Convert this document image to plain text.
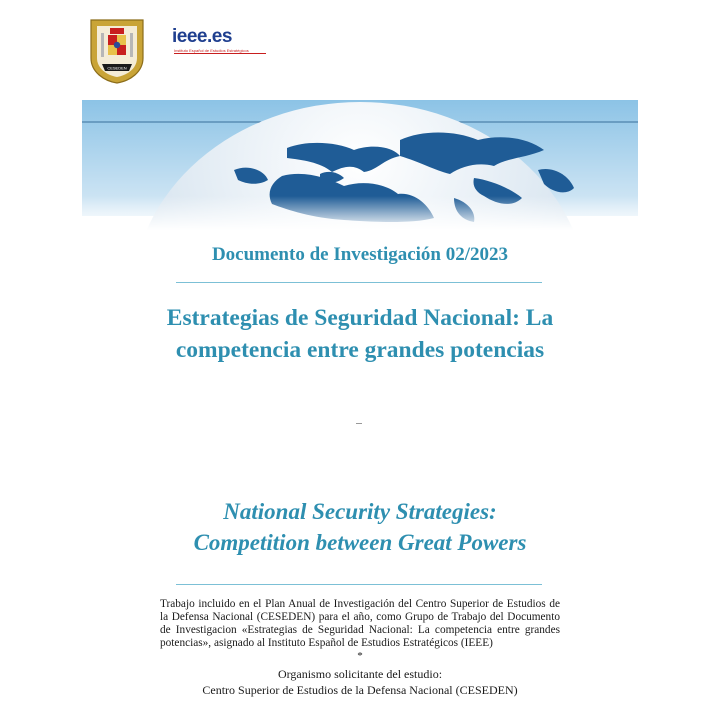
CESEDEN
ieee.es
Instituto Español de Estudios Estratégicos
Documento de Investigación 02/2023
Estrategias de Seguridad Nacional: La competencia entre grandes potencias
National Security Strategies:
Competition between Great Powers
Trabajo incluido en el Plan Anual de Investigación del Centro Superior de Estudios de la Defensa Nacional (CESEDEN) para el año, como Grupo de Trabajo del Documento de Investigacion «Estrategias de Seguridad Nacional: La competencia entre grandes potencias», asignado al Instituto Español de Estudios Estratégicos (IEEE)
*
Organismo solicitante del estudio:
Centro Superior de Estudios de la Defensa Nacional (CESEDEN)
